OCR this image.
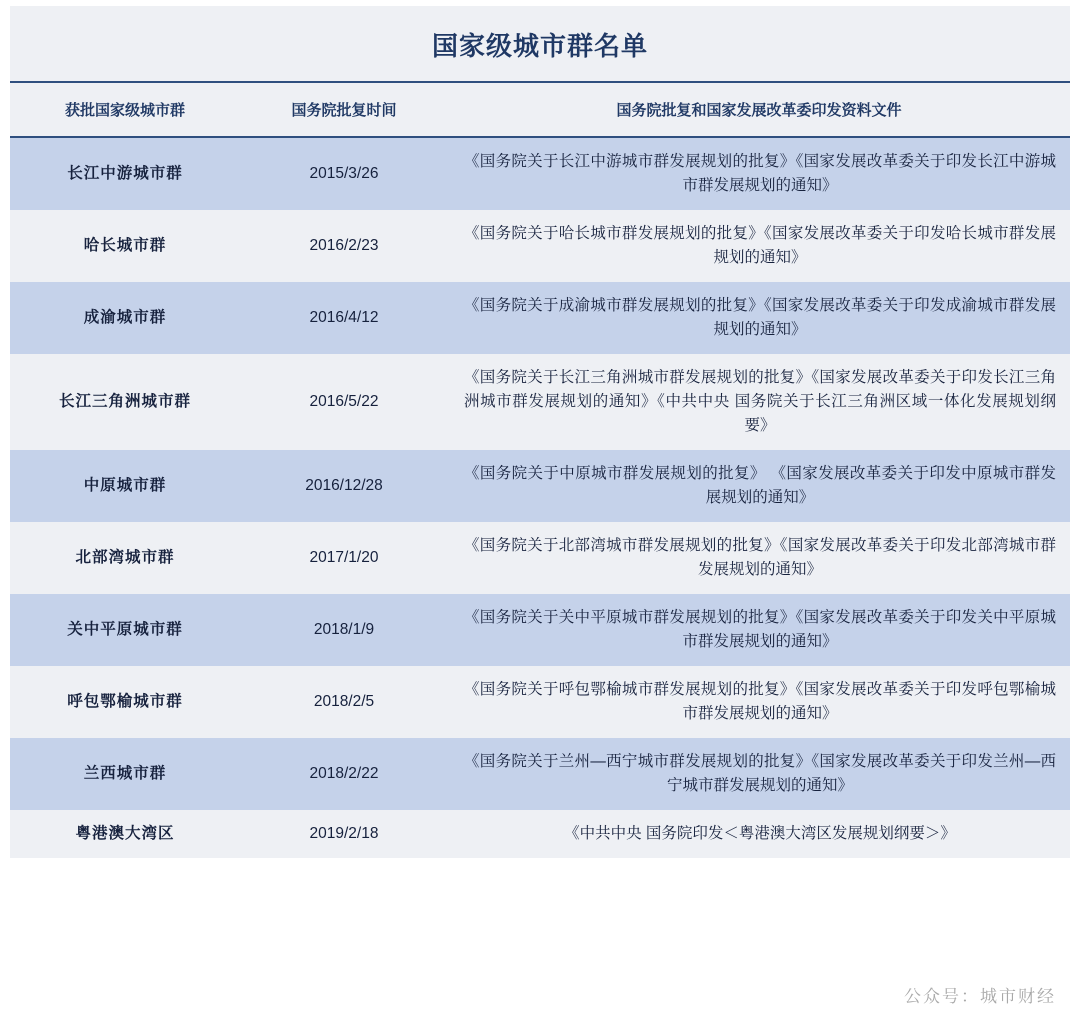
国家级城市群名单		
获批国家级城市群	国务院批复时间	国务院批复和国家发展改革委印发资料文件
长江中游城市群	2015/3/26	《国务院关于长江中游城市群发展规划的批复》《国家发展改革委关于印发长江中游城市群发展规划的通知》
哈长城市群	2016/2/23	《国务院关于哈长城市群发展规划的批复》《国家发展改革委关于印发哈长城市群发展规划的通知》
成渝城市群	2016/4/12	《国务院关于成渝城市群发展规划的批复》《国家发展改革委关于印发成渝城市群发展规划的通知》
长江三角洲城市群	2016/5/22	《国务院关于长江三角洲城市群发展规划的批复》《国家发展改革委关于印发长江三角洲城市群发展规划的通知》《中共中央 国务院关于长江三角洲区域一体化发展规划纲要》
中原城市群	2016/12/28	《国务院关于中原城市群发展规划的批复》 《国家发展改革委关于印发中原城市群发展规划的通知》
北部湾城市群	2017/1/20	《国务院关于北部湾城市群发展规划的批复》《国家发展改革委关于印发北部湾城市群发展规划的通知》
关中平原城市群	2018/1/9	《国务院关于关中平原城市群发展规划的批复》《国家发展改革委关于印发关中平原城市群发展规划的通知》
呼包鄂榆城市群	2018/2/5	《国务院关于呼包鄂榆城市群发展规划的批复》《国家发展改革委关于印发呼包鄂榆城市群发展规划的通知》
兰西城市群	2018/2/22	《国务院关于兰州—西宁城市群发展规划的批复》《国家发展改革委关于印发兰州—西宁城市群发展规划的通知》
粤港澳大湾区	2019/2/18	《中共中央 国务院印发＜粤港澳大湾区发展规划纲要＞》
公众号：城市财经
